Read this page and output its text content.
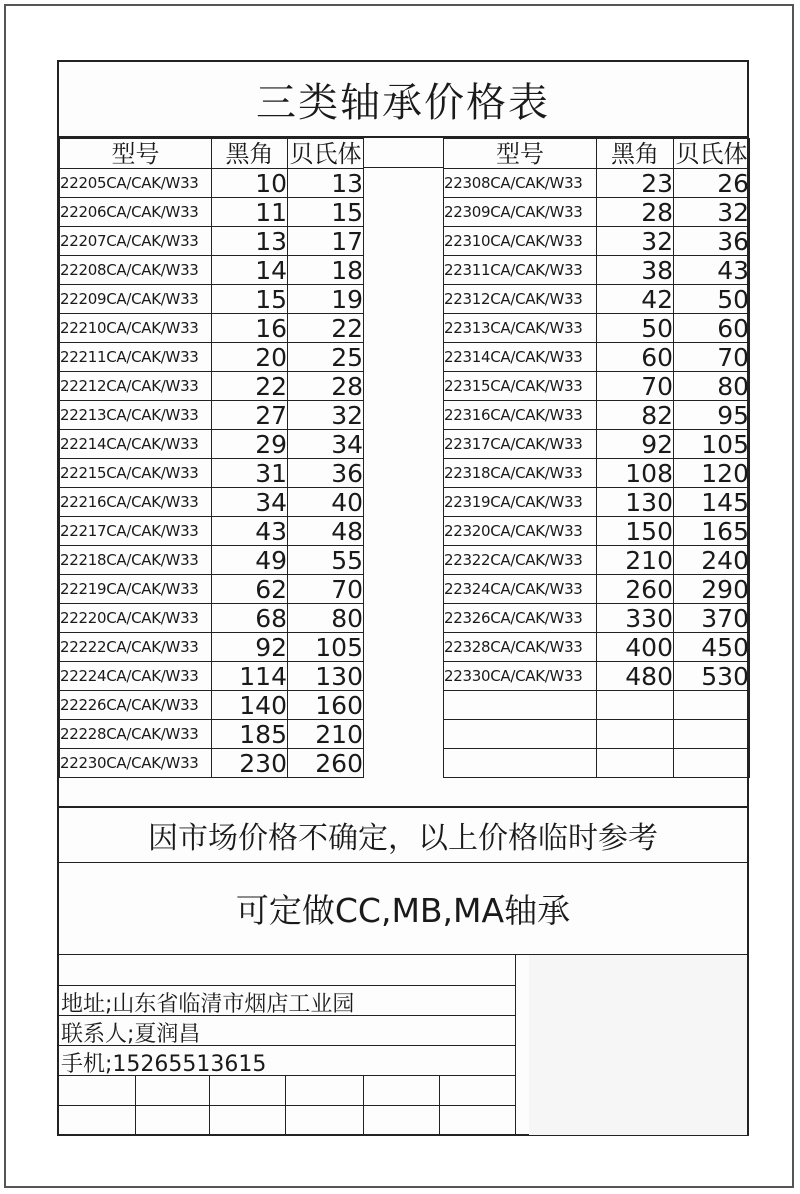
三类轴承价格表
型号	黑角	贝氏体
22205CA/CAK/W33	10	13
22206CA/CAK/W33	11	15
22207CA/CAK/W33	13	17
22208CA/CAK/W33	14	18
22209CA/CAK/W33	15	19
22210CA/CAK/W33	16	22
22211CA/CAK/W33	20	25
22212CA/CAK/W33	22	28
22213CA/CAK/W33	27	32
22214CA/CAK/W33	29	34
22215CA/CAK/W33	31	36
22216CA/CAK/W33	34	40
22217CA/CAK/W33	43	48
22218CA/CAK/W33	49	55
22219CA/CAK/W33	62	70
22220CA/CAK/W33	68	80
22222CA/CAK/W33	92	105
22224CA/CAK/W33	114	130
22226CA/CAK/W33	140	160
22228CA/CAK/W33	185	210
22230CA/CAK/W33	230	260
型号	黑角	贝氏体
22308CA/CAK/W33	23	26
22309CA/CAK/W33	28	32
22310CA/CAK/W33	32	36
22311CA/CAK/W33	38	43
22312CA/CAK/W33	42	50
22313CA/CAK/W33	50	60
22314CA/CAK/W33	60	70
22315CA/CAK/W33	70	80
22316CA/CAK/W33	82	95
22317CA/CAK/W33	92	105
22318CA/CAK/W33	108	120
22319CA/CAK/W33	130	145
22320CA/CAK/W33	150	165
22322CA/CAK/W33	210	240
22324CA/CAK/W33	260	290
22326CA/CAK/W33	330	370
22328CA/CAK/W33	400	450
22330CA/CAK/W33	480	530

因市场价格不确定，以上价格临时参考
可定做CC,MB,MA轴承
地址;山东省临清市烟店工业园
联系人;夏润昌
手机;15265513615
